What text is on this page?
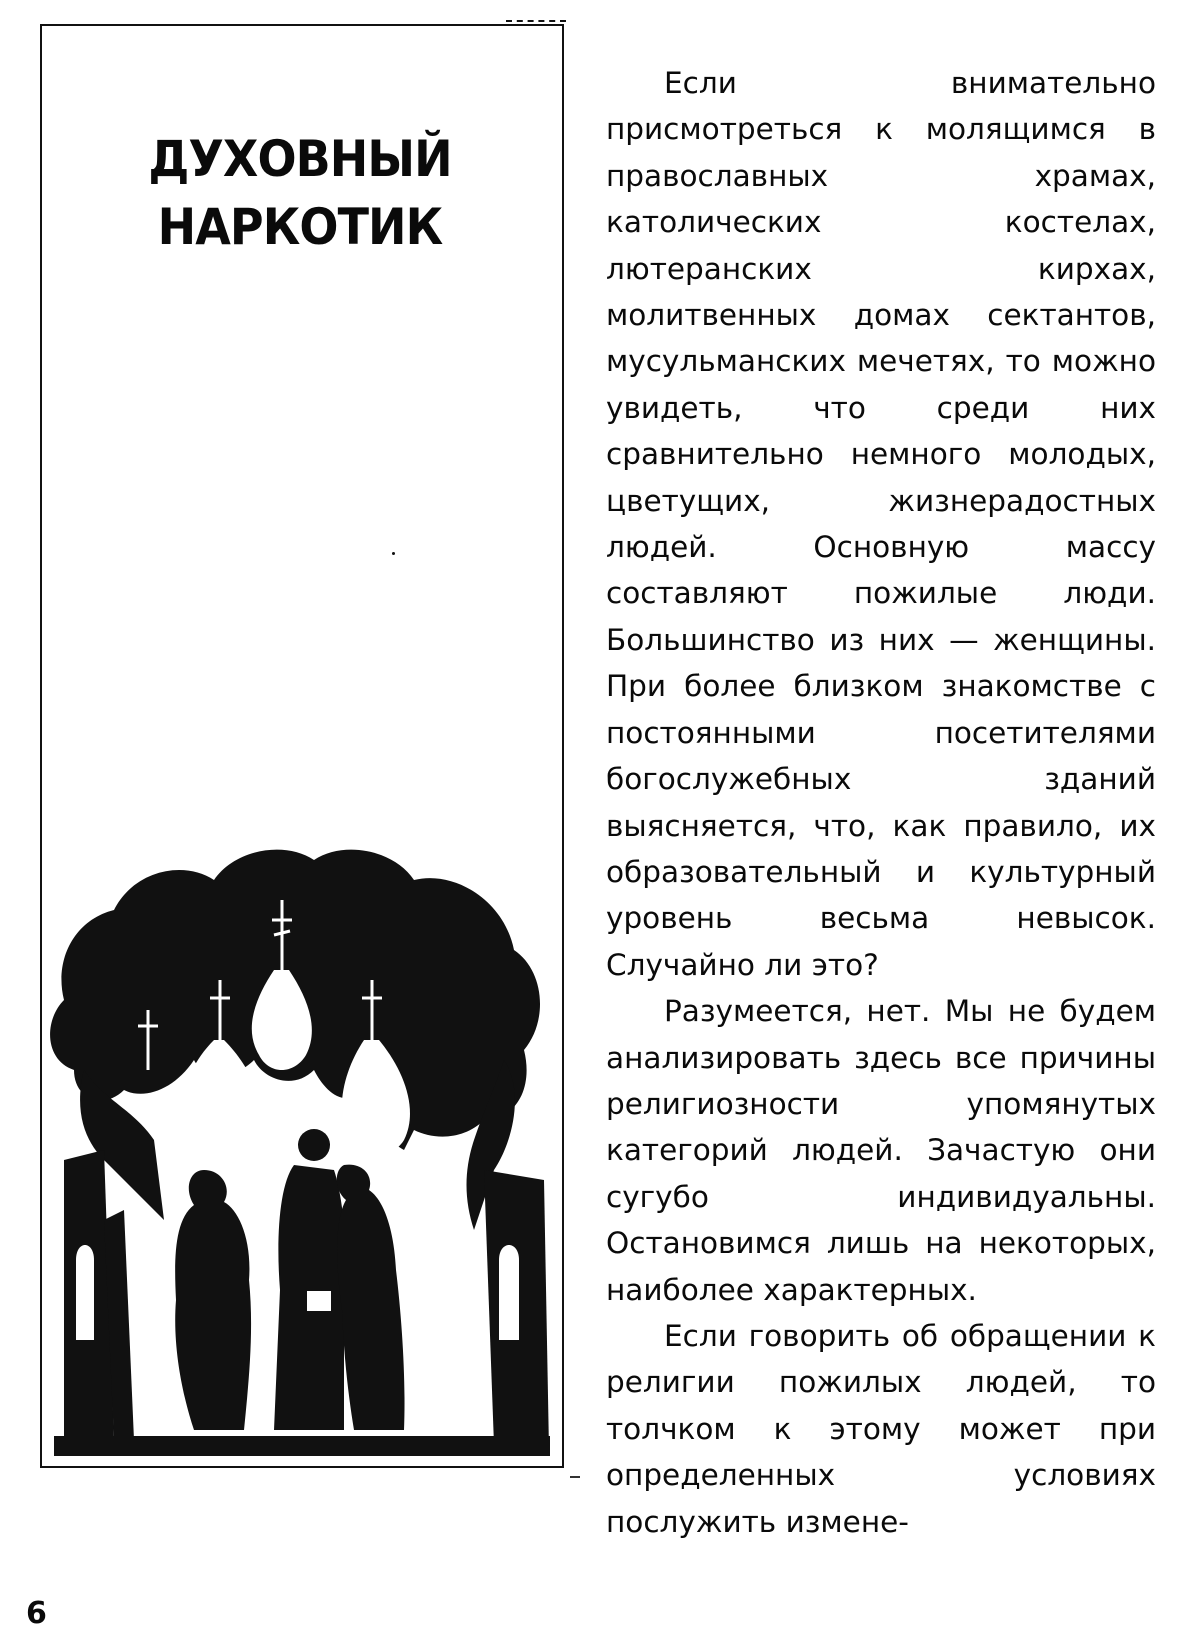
ДУХОВНЫЙ
НАРКОТИК

Если внимательно присмотреться к молящимся в православных храмах, католических костелах, лютеранских кирхах, молитвенных домах сектантов, мусульманских мечетях, то можно увидеть, что среди них сравнительно немного молодых, цветущих, жизнерадостных людей. Основную массу составляют пожилые люди. Большинство из них — женщины. При более близком знакомстве с постоянными посетителями богослужебных зданий выясняется, что, как правило, их образовательный и культурный уровень весьма невысок. Случайно ли это?

Разумеется, нет. Мы не будем анализировать здесь все причины религиозности упомянутых категорий людей. Зачастую они сугубо индивидуальны. Остановимся лишь на некоторых, наиболее характерных.

Если говорить об обращении к религии пожилых людей, то толчком к этому может при определенных условиях послужить измене-

6
